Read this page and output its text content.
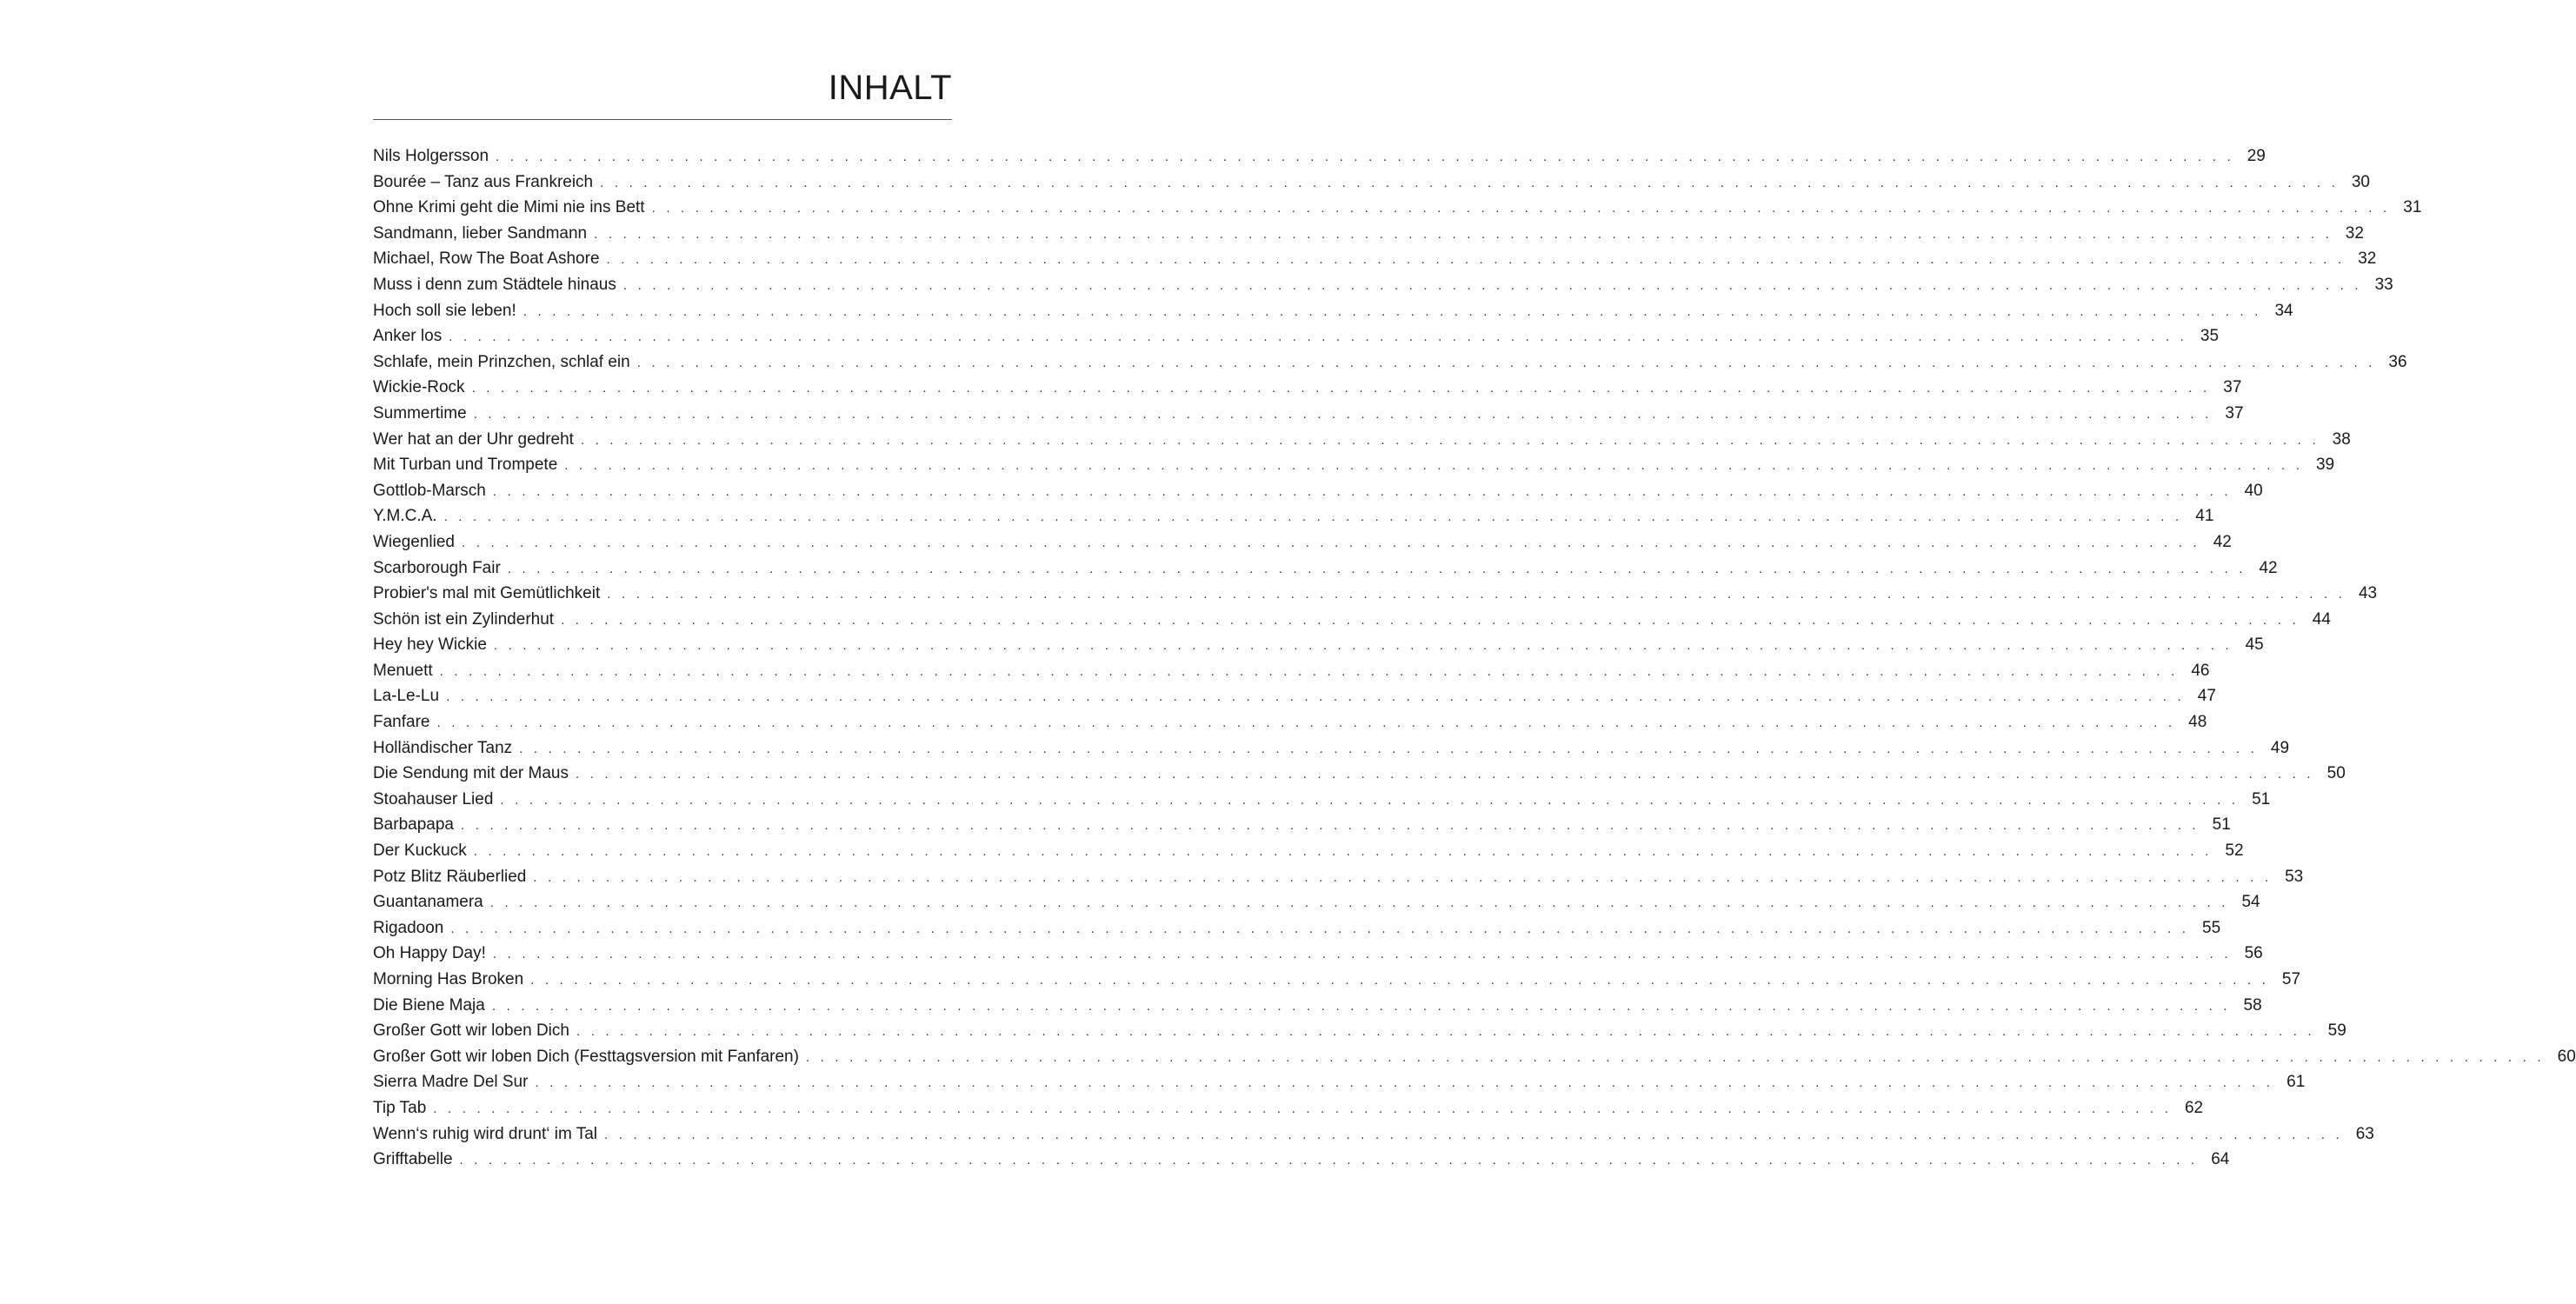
INHALT
Nils Holgersson . . . . . . . . . . . . . . . . . . . . . . . . . . . . . . . . . . . . . . . . . . . . . . . . . . . . . . . . . . . . . . . . . . . . . . . . . . . . . . . . . . . . . . . . . . . . . . . . . . . . . . . . . . . . . . . . . . . . . . . . 29
Bourée – Tanz aus Frankreich . . . . . . . . . . . . . . . . . . . . . . . . . . . . . . . . . . . . . . . . . . . . . . . . . . . . . . . . . . . . . . . . . . . . . . . . . . . . . . . . . . . . . . . . . . . . . . . . . . . . . . . . . . . . . . . . . . . . . . . . 30
Ohne Krimi geht die Mimi nie ins Bett . . . . . . . . . . . . . . . . . . . . . . . . . . . . . . . . . . . . . . . . . . . . . . . . . . . . . . . . . . . . . . . . . . . . . . . . . . . . . . . . . . . . . . . . . . . . . . . . . . . . . . . . . . . . . . . . . . . . . . . . 31
Sandmann, lieber Sandmann . . . . . . . . . . . . . . . . . . . . . . . . . . . . . . . . . . . . . . . . . . . . . . . . . . . . . . . . . . . . . . . . . . . . . . . . . . . . . . . . . . . . . . . . . . . . . . . . . . . . . . . . . . . . . . . . . . . . . . . . 32
Michael, Row The Boat Ashore . . . . . . . . . . . . . . . . . . . . . . . . . . . . . . . . . . . . . . . . . . . . . . . . . . . . . . . . . . . . . . . . . . . . . . . . . . . . . . . . . . . . . . . . . . . . . . . . . . . . . . . . . . . . . . . . . . . . . . . . 32
Muss i denn zum Städtele hinaus . . . . . . . . . . . . . . . . . . . . . . . . . . . . . . . . . . . . . . . . . . . . . . . . . . . . . . . . . . . . . . . . . . . . . . . . . . . . . . . . . . . . . . . . . . . . . . . . . . . . . . . . . . . . . . . . . . . . . . . . 33
Hoch soll sie leben! . . . . . . . . . . . . . . . . . . . . . . . . . . . . . . . . . . . . . . . . . . . . . . . . . . . . . . . . . . . . . . . . . . . . . . . . . . . . . . . . . . . . . . . . . . . . . . . . . . . . . . . . . . . . . . . . . . . . . . . . 34
Anker los . . . . . . . . . . . . . . . . . . . . . . . . . . . . . . . . . . . . . . . . . . . . . . . . . . . . . . . . . . . . . . . . . . . . . . . . . . . . . . . . . . . . . . . . . . . . . . . . . . . . . . . . . . . . . . . . . . . . . . . . 35
Schlafe, mein Prinzchen, schlaf ein . . . . . . . . . . . . . . . . . . . . . . . . . . . . . . . . . . . . . . . . . . . . . . . . . . . . . . . . . . . . . . . . . . . . . . . . . . . . . . . . . . . . . . . . . . . . . . . . . . . . . . . . . . . . . . . . . . . . . . . . 36
Wickie-Rock . . . . . . . . . . . . . . . . . . . . . . . . . . . . . . . . . . . . . . . . . . . . . . . . . . . . . . . . . . . . . . . . . . . . . . . . . . . . . . . . . . . . . . . . . . . . . . . . . . . . . . . . . . . . . . . . . . . . . . . . 37
Summertime . . . . . . . . . . . . . . . . . . . . . . . . . . . . . . . . . . . . . . . . . . . . . . . . . . . . . . . . . . . . . . . . . . . . . . . . . . . . . . . . . . . . . . . . . . . . . . . . . . . . . . . . . . . . . . . . . . . . . . . . 37
Wer hat an der Uhr gedreht . . . . . . . . . . . . . . . . . . . . . . . . . . . . . . . . . . . . . . . . . . . . . . . . . . . . . . . . . . . . . . . . . . . . . . . . . . . . . . . . . . . . . . . . . . . . . . . . . . . . . . . . . . . . . . . . . . . . . . . . 38
Mit Turban und Trompete . . . . . . . . . . . . . . . . . . . . . . . . . . . . . . . . . . . . . . . . . . . . . . . . . . . . . . . . . . . . . . . . . . . . . . . . . . . . . . . . . . . . . . . . . . . . . . . . . . . . . . . . . . . . . . . . . . . . . . . . 39
Gottlob-Marsch . . . . . . . . . . . . . . . . . . . . . . . . . . . . . . . . . . . . . . . . . . . . . . . . . . . . . . . . . . . . . . . . . . . . . . . . . . . . . . . . . . . . . . . . . . . . . . . . . . . . . . . . . . . . . . . . . . . . . . . . 40
Y.M.C.A. . . . . . . . . . . . . . . . . . . . . . . . . . . . . . . . . . . . . . . . . . . . . . . . . . . . . . . . . . . . . . . . . . . . . . . . . . . . . . . . . . . . . . . . . . . . . . . . . . . . . . . . . . . . . . . . . . . . . . . . . 41
Wiegenlied . . . . . . . . . . . . . . . . . . . . . . . . . . . . . . . . . . . . . . . . . . . . . . . . . . . . . . . . . . . . . . . . . . . . . . . . . . . . . . . . . . . . . . . . . . . . . . . . . . . . . . . . . . . . . . . . . . . . . . . . 42
Scarborough Fair . . . . . . . . . . . . . . . . . . . . . . . . . . . . . . . . . . . . . . . . . . . . . . . . . . . . . . . . . . . . . . . . . . . . . . . . . . . . . . . . . . . . . . . . . . . . . . . . . . . . . . . . . . . . . . . . . . . . . . . . 42
Probier's mal mit Gemütlichkeit . . . . . . . . . . . . . . . . . . . . . . . . . . . . . . . . . . . . . . . . . . . . . . . . . . . . . . . . . . . . . . . . . . . . . . . . . . . . . . . . . . . . . . . . . . . . . . . . . . . . . . . . . . . . . . . . . . . . . . . . 43
Schön ist ein Zylinderhut . . . . . . . . . . . . . . . . . . . . . . . . . . . . . . . . . . . . . . . . . . . . . . . . . . . . . . . . . . . . . . . . . . . . . . . . . . . . . . . . . . . . . . . . . . . . . . . . . . . . . . . . . . . . . . . . . . . . . . . . 44
Hey hey Wickie . . . . . . . . . . . . . . . . . . . . . . . . . . . . . . . . . . . . . . . . . . . . . . . . . . . . . . . . . . . . . . . . . . . . . . . . . . . . . . . . . . . . . . . . . . . . . . . . . . . . . . . . . . . . . . . . . . . . . . . . 45
Menuett . . . . . . . . . . . . . . . . . . . . . . . . . . . . . . . . . . . . . . . . . . . . . . . . . . . . . . . . . . . . . . . . . . . . . . . . . . . . . . . . . . . . . . . . . . . . . . . . . . . . . . . . . . . . . . . . . . . . . . . . 46
La-Le-Lu . . . . . . . . . . . . . . . . . . . . . . . . . . . . . . . . . . . . . . . . . . . . . . . . . . . . . . . . . . . . . . . . . . . . . . . . . . . . . . . . . . . . . . . . . . . . . . . . . . . . . . . . . . . . . . . . . . . . . . . . 47
Fanfare . . . . . . . . . . . . . . . . . . . . . . . . . . . . . . . . . . . . . . . . . . . . . . . . . . . . . . . . . . . . . . . . . . . . . . . . . . . . . . . . . . . . . . . . . . . . . . . . . . . . . . . . . . . . . . . . . . . . . . . . 48
Holländischer Tanz . . . . . . . . . . . . . . . . . . . . . . . . . . . . . . . . . . . . . . . . . . . . . . . . . . . . . . . . . . . . . . . . . . . . . . . . . . . . . . . . . . . . . . . . . . . . . . . . . . . . . . . . . . . . . . . . . . . . . . . . 49
Die Sendung mit der Maus . . . . . . . . . . . . . . . . . . . . . . . . . . . . . . . . . . . . . . . . . . . . . . . . . . . . . . . . . . . . . . . . . . . . . . . . . . . . . . . . . . . . . . . . . . . . . . . . . . . . . . . . . . . . . . . . . . . . . . . . 50
Stoahauser Lied . . . . . . . . . . . . . . . . . . . . . . . . . . . . . . . . . . . . . . . . . . . . . . . . . . . . . . . . . . . . . . . . . . . . . . . . . . . . . . . . . . . . . . . . . . . . . . . . . . . . . . . . . . . . . . . . . . . . . . . . 51
Barbapapa . . . . . . . . . . . . . . . . . . . . . . . . . . . . . . . . . . . . . . . . . . . . . . . . . . . . . . . . . . . . . . . . . . . . . . . . . . . . . . . . . . . . . . . . . . . . . . . . . . . . . . . . . . . . . . . . . . . . . . . . 51
Der Kuckuck . . . . . . . . . . . . . . . . . . . . . . . . . . . . . . . . . . . . . . . . . . . . . . . . . . . . . . . . . . . . . . . . . . . . . . . . . . . . . . . . . . . . . . . . . . . . . . . . . . . . . . . . . . . . . . . . . . . . . . . . 52
Potz Blitz Räuberlied . . . . . . . . . . . . . . . . . . . . . . . . . . . . . . . . . . . . . . . . . . . . . . . . . . . . . . . . . . . . . . . . . . . . . . . . . . . . . . . . . . . . . . . . . . . . . . . . . . . . . . . . . . . . . . . . . . . . . . . . 53
Guantanamera . . . . . . . . . . . . . . . . . . . . . . . . . . . . . . . . . . . . . . . . . . . . . . . . . . . . . . . . . . . . . . . . . . . . . . . . . . . . . . . . . . . . . . . . . . . . . . . . . . . . . . . . . . . . . . . . . . . . . . . . 54
Rigadoon . . . . . . . . . . . . . . . . . . . . . . . . . . . . . . . . . . . . . . . . . . . . . . . . . . . . . . . . . . . . . . . . . . . . . . . . . . . . . . . . . . . . . . . . . . . . . . . . . . . . . . . . . . . . . . . . . . . . . . . . 55
Oh Happy Day! . . . . . . . . . . . . . . . . . . . . . . . . . . . . . . . . . . . . . . . . . . . . . . . . . . . . . . . . . . . . . . . . . . . . . . . . . . . . . . . . . . . . . . . . . . . . . . . . . . . . . . . . . . . . . . . . . . . . . . . . 56
Morning Has Broken . . . . . . . . . . . . . . . . . . . . . . . . . . . . . . . . . . . . . . . . . . . . . . . . . . . . . . . . . . . . . . . . . . . . . . . . . . . . . . . . . . . . . . . . . . . . . . . . . . . . . . . . . . . . . . . . . . . . . . . . 57
Die Biene Maja . . . . . . . . . . . . . . . . . . . . . . . . . . . . . . . . . . . . . . . . . . . . . . . . . . . . . . . . . . . . . . . . . . . . . . . . . . . . . . . . . . . . . . . . . . . . . . . . . . . . . . . . . . . . . . . . . . . . . . . . 58
Großer Gott wir loben Dich . . . . . . . . . . . . . . . . . . . . . . . . . . . . . . . . . . . . . . . . . . . . . . . . . . . . . . . . . . . . . . . . . . . . . . . . . . . . . . . . . . . . . . . . . . . . . . . . . . . . . . . . . . . . . . . . . . . . . . . . 59
Großer Gott wir loben Dich (Festtagsversion mit Fanfaren) . . . . . . . . . . . . . . . . . . . . . . . . . . . . . . . . . . . . . . . . . . . . . . . . . . . . . . . . . . . . . . . . . . . . . . . . . . . . . . . . . . . . . . . . . . . . . . . . . . . . . . . . . . . . . . . . . . . . . . . . 60
Sierra Madre Del Sur . . . . . . . . . . . . . . . . . . . . . . . . . . . . . . . . . . . . . . . . . . . . . . . . . . . . . . . . . . . . . . . . . . . . . . . . . . . . . . . . . . . . . . . . . . . . . . . . . . . . . . . . . . . . . . . . . . . . . . . . 61
Tip Tab . . . . . . . . . . . . . . . . . . . . . . . . . . . . . . . . . . . . . . . . . . . . . . . . . . . . . . . . . . . . . . . . . . . . . . . . . . . . . . . . . . . . . . . . . . . . . . . . . . . . . . . . . . . . . . . . . . . . . . . . 62
Wenn‘s ruhig wird drunt‘ im Tal . . . . . . . . . . . . . . . . . . . . . . . . . . . . . . . . . . . . . . . . . . . . . . . . . . . . . . . . . . . . . . . . . . . . . . . . . . . . . . . . . . . . . . . . . . . . . . . . . . . . . . . . . . . . . . . . . . . . . . . . 63
Grifftabelle . . . . . . . . . . . . . . . . . . . . . . . . . . . . . . . . . . . . . . . . . . . . . . . . . . . . . . . . . . . . . . . . . . . . . . . . . . . . . . . . . . . . . . . . . . . . . . . . . . . . . . . . . . . . . . . . . . . . . . . . 64
